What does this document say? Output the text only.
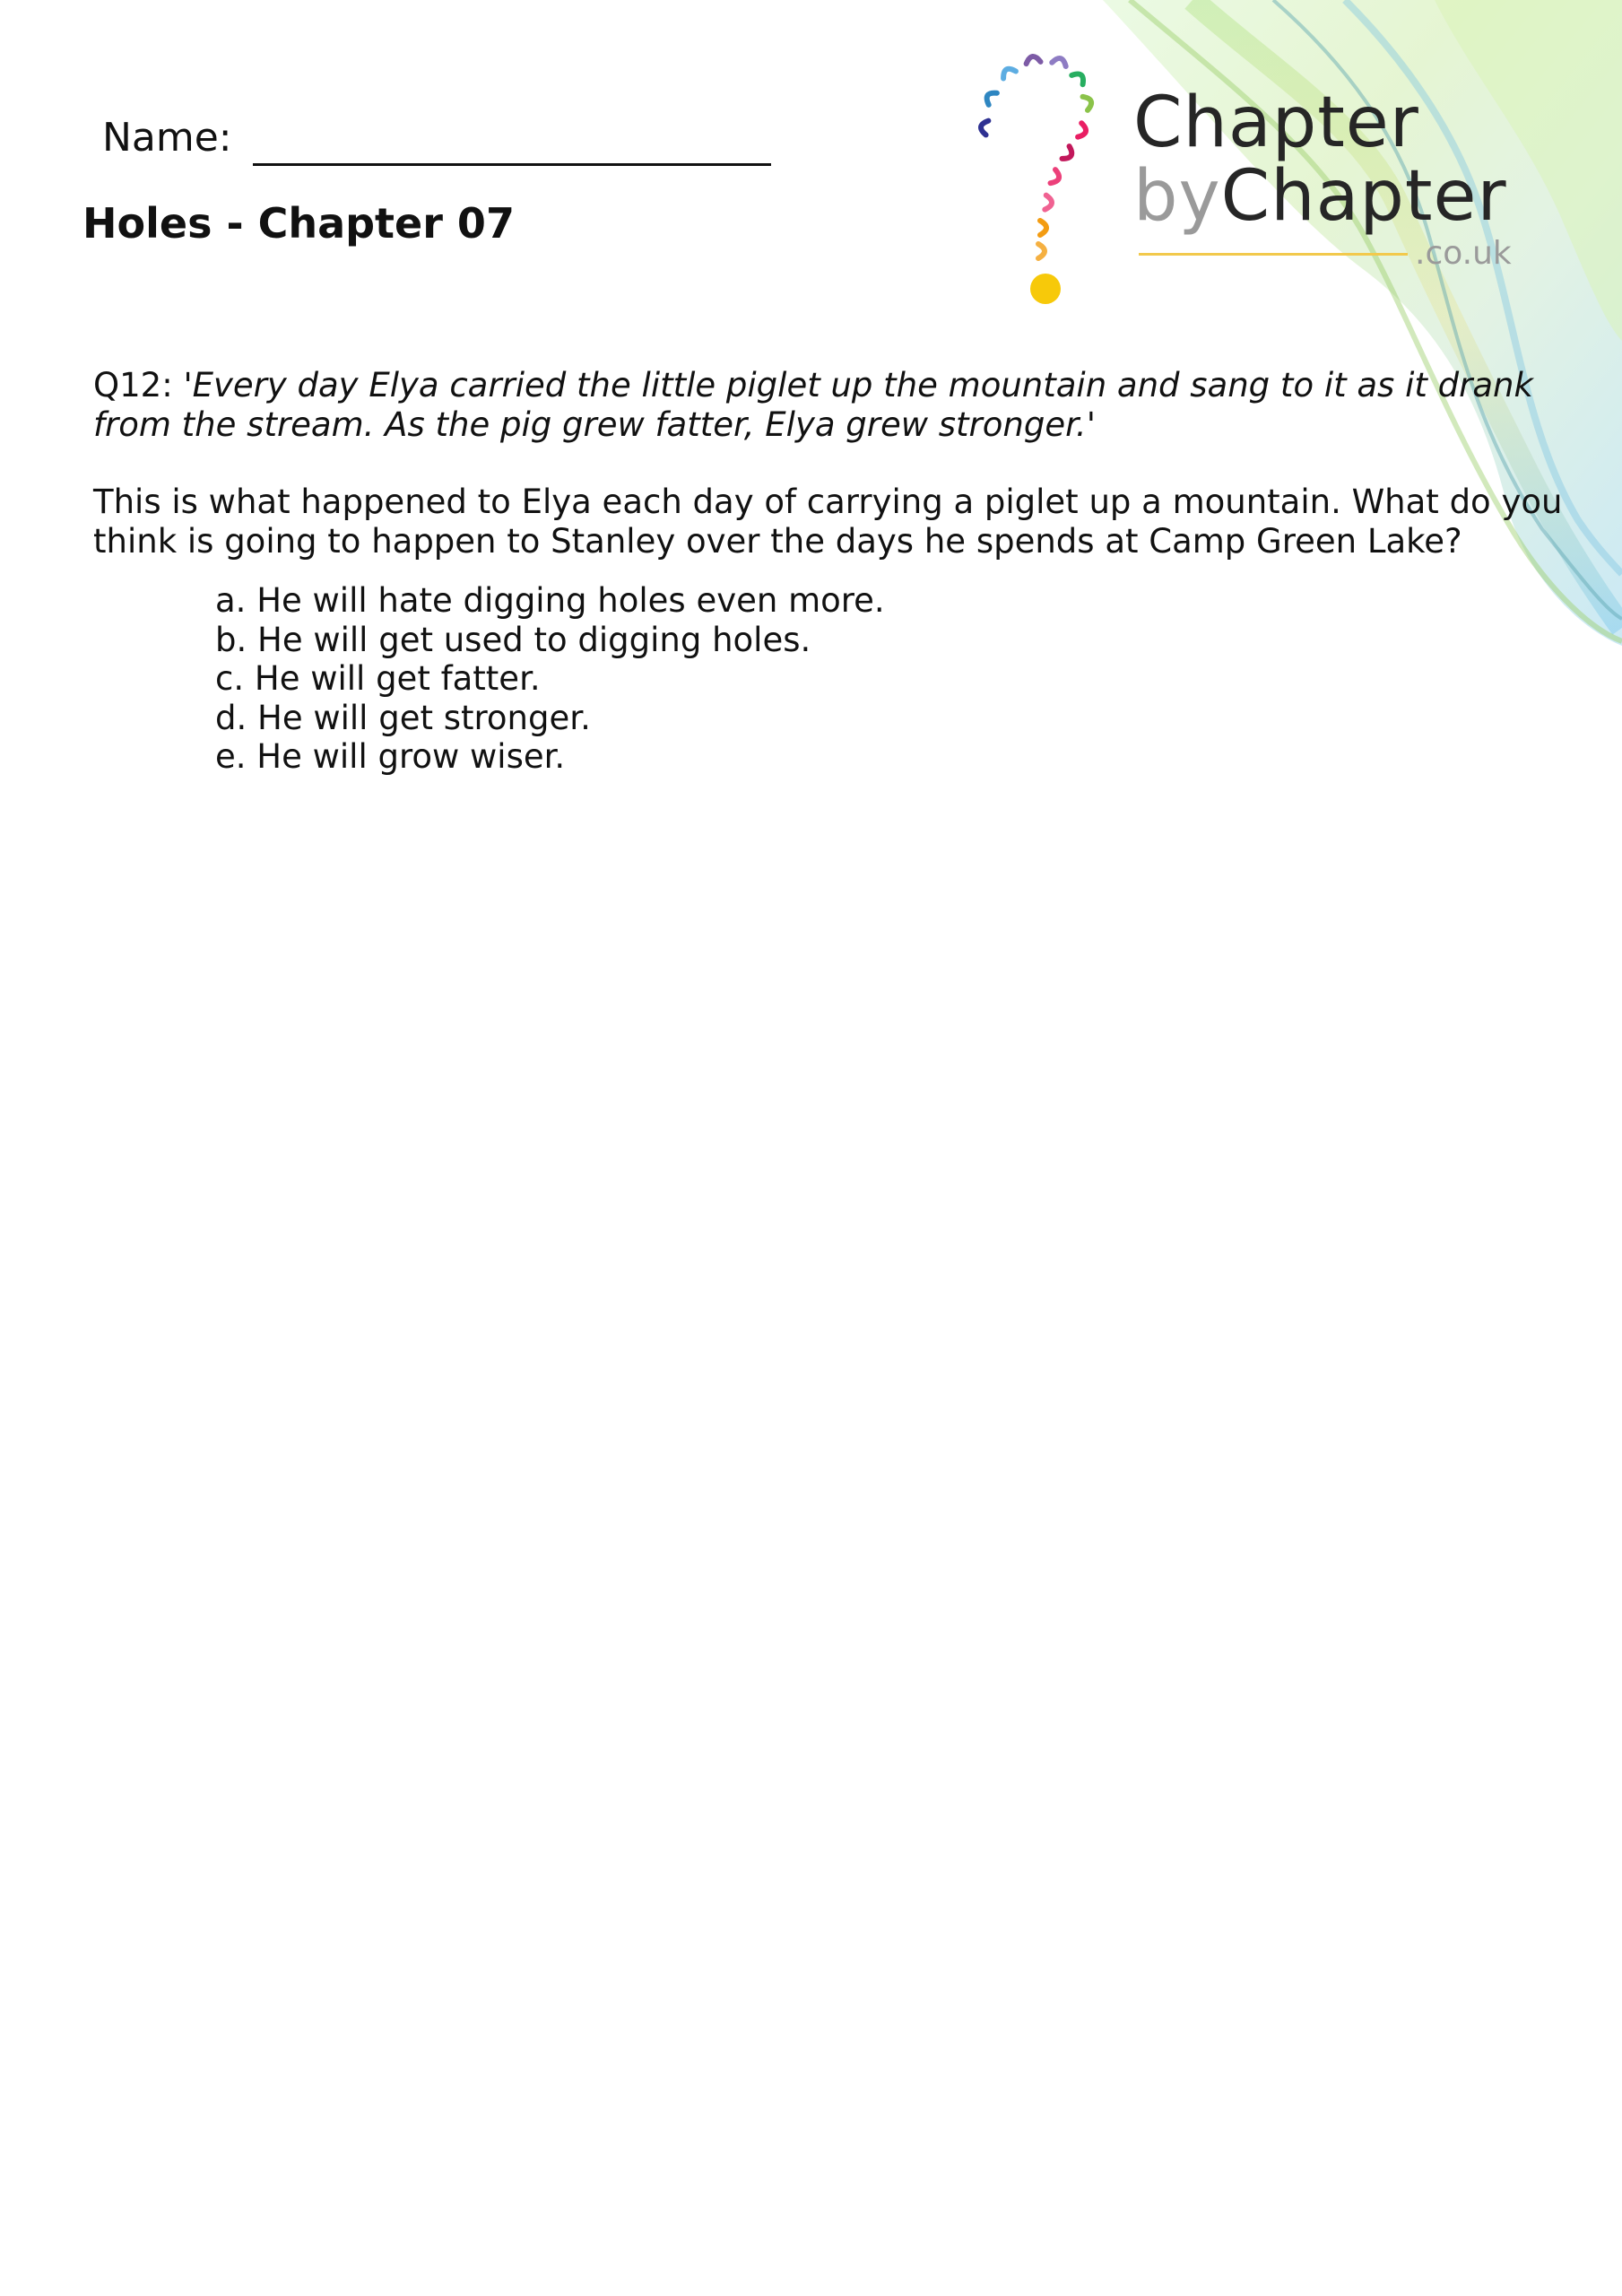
Name:
Holes - Chapter 07
Chapter
byChapter
.co.uk
Q12: 'Every day Elya carried the little piglet up the mountain and sang to it as it drank from the stream. As the pig grew fatter, Elya grew stronger.'
This is what happened to Elya each day of carrying a piglet up a mountain. What do you think is going to happen to Stanley over the days he spends at Camp Green Lake?
a. He will hate digging holes even more.
b. He will get used to digging holes.
c. He will get fatter.
d. He will get stronger.
e. He will grow wiser.
